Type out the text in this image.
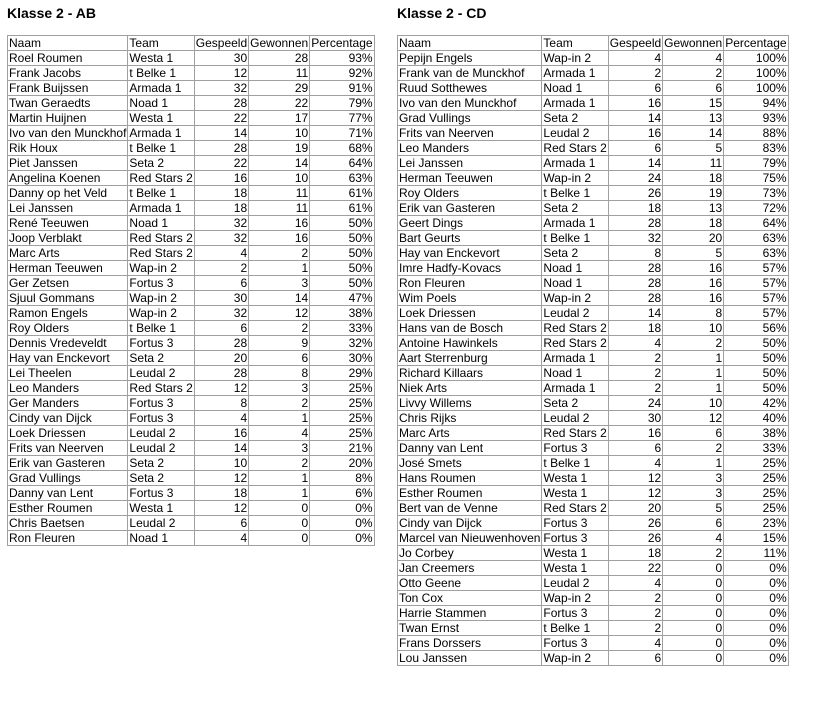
Klasse 2 - AB
Naam	Team	Gespeeld	Gewonnen	Percentage
Roel Roumen	Westa 1	30	28	93%
Frank Jacobs	t Belke 1	12	11	92%
Frank Buijssen	Armada 1	32	29	91%
Twan Geraedts	Noad 1	28	22	79%
Martin Huijnen	Westa 1	22	17	77%
Ivo van den Munckhof	Armada 1	14	10	71%
Rik Houx	t Belke 1	28	19	68%
Piet Janssen	Seta 2	22	14	64%
Angelina Koenen	Red Stars 2	16	10	63%
Danny op het Veld	t Belke 1	18	11	61%
Lei Janssen	Armada 1	18	11	61%
René Teeuwen	Noad 1	32	16	50%
Joop Verblakt	Red Stars 2	32	16	50%
Marc Arts	Red Stars 2	4	2	50%
Herman Teeuwen	Wap-in 2	2	1	50%
Ger Zetsen	Fortus 3	6	3	50%
Sjuul Gommans	Wap-in 2	30	14	47%
Ramon Engels	Wap-in 2	32	12	38%
Roy Olders	t Belke 1	6	2	33%
Dennis Vredeveldt	Fortus 3	28	9	32%
Hay van Enckevort	Seta 2	20	6	30%
Lei Theelen	Leudal 2	28	8	29%
Leo Manders	Red Stars 2	12	3	25%
Ger Manders	Fortus 3	8	2	25%
Cindy van Dijck	Fortus 3	4	1	25%
Loek Driessen	Leudal 2	16	4	25%
Frits van Neerven	Leudal 2	14	3	21%
Erik van Gasteren	Seta 2	10	2	20%
Grad Vullings	Seta 2	12	1	8%
Danny van Lent	Fortus 3	18	1	6%
Esther Roumen	Westa 1	12	0	0%
Chris Baetsen	Leudal 2	6	0	0%
Ron Fleuren	Noad 1	4	0	0%
Klasse 2 - CD
Naam	Team	Gespeeld	Gewonnen	Percentage
Pepijn Engels	Wap-in 2	4	4	100%
Frank van de Munckhof	Armada 1	2	2	100%
Ruud Sotthewes	Noad 1	6	6	100%
Ivo van den Munckhof	Armada 1	16	15	94%
Grad Vullings	Seta 2	14	13	93%
Frits van Neerven	Leudal 2	16	14	88%
Leo Manders	Red Stars 2	6	5	83%
Lei Janssen	Armada 1	14	11	79%
Herman Teeuwen	Wap-in 2	24	18	75%
Roy Olders	t Belke 1	26	19	73%
Erik van Gasteren	Seta 2	18	13	72%
Geert Dings	Armada 1	28	18	64%
Bart Geurts	t Belke 1	32	20	63%
Hay van Enckevort	Seta 2	8	5	63%
Imre Hadfy-Kovacs	Noad 1	28	16	57%
Ron Fleuren	Noad 1	28	16	57%
Wim Poels	Wap-in 2	28	16	57%
Loek Driessen	Leudal 2	14	8	57%
Hans van de Bosch	Red Stars 2	18	10	56%
Antoine Hawinkels	Red Stars 2	4	2	50%
Aart Sterrenburg	Armada 1	2	1	50%
Richard Killaars	Noad 1	2	1	50%
Niek Arts	Armada 1	2	1	50%
Livvy Willems	Seta 2	24	10	42%
Chris Rijks	Leudal 2	30	12	40%
Marc Arts	Red Stars 2	16	6	38%
Danny van Lent	Fortus 3	6	2	33%
José Smets	t Belke 1	4	1	25%
Hans Roumen	Westa 1	12	3	25%
Esther Roumen	Westa 1	12	3	25%
Bert van de Venne	Red Stars 2	20	5	25%
Cindy van Dijck	Fortus 3	26	6	23%
Marcel van Nieuwenhoven	Fortus 3	26	4	15%
Jo Corbey	Westa 1	18	2	11%
Jan Creemers	Westa 1	22	0	0%
Otto Geene	Leudal 2	4	0	0%
Ton Cox	Wap-in 2	2	0	0%
Harrie Stammen	Fortus 3	2	0	0%
Twan Ernst	t Belke 1	2	0	0%
Frans Dorssers	Fortus 3	4	0	0%
Lou Janssen	Wap-in 2	6	0	0%
